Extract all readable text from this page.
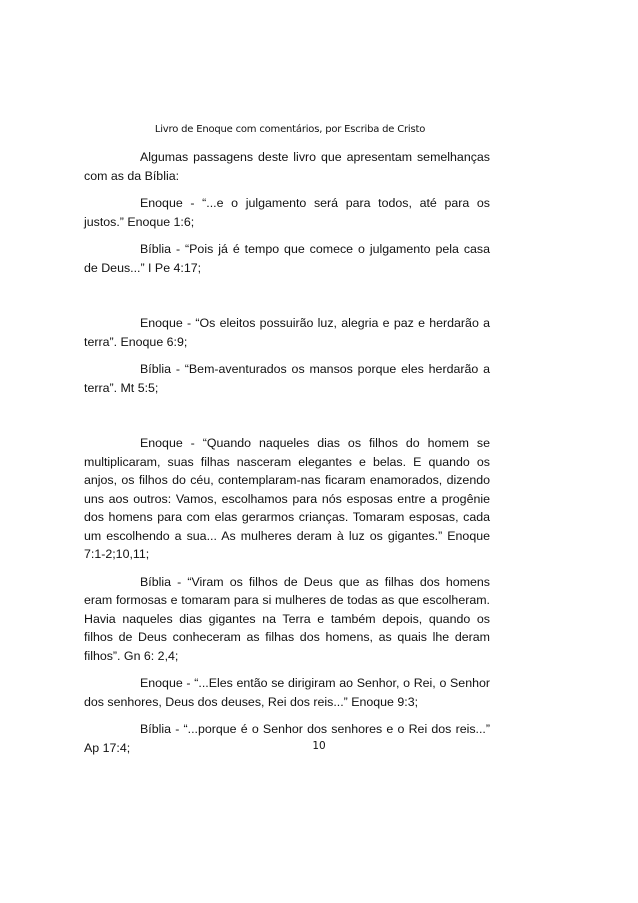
Livro de Enoque com comentários, por Escriba de Cristo

Algumas passagens deste livro que apresentam semelhanças com as da Bíblia:

Enoque - “...e o julgamento será para todos, até para os justos.” Enoque 1:6;

Bíblia - “Pois já é tempo que comece o julgamento pela casa de Deus...” I Pe 4:17;

Enoque - “Os eleitos possuirão luz, alegria e paz e herdarão a terra”. Enoque 6:9;

Bíblia - “Bem-aventurados os mansos porque eles herdarão a terra”. Mt 5:5;

Enoque - “Quando naqueles dias os filhos do homem se multiplicaram, suas filhas nasceram elegantes e belas. E quando os anjos, os filhos do céu, contemplaram-nas ficaram enamorados, dizendo uns aos outros: Vamos, escolhamos para nós esposas entre a progênie dos homens para com elas gerarmos crianças. Tomaram esposas, cada um escolhendo a sua... As mulheres deram à luz os gigantes.” Enoque 7:1-2;10,11;

Bíblia - “Viram os filhos de Deus que as filhas dos homens eram formosas e tomaram para si mulheres de todas as que escolheram. Havia naqueles dias gigantes na Terra e também depois, quando os filhos de Deus conheceram as filhas dos homens, as quais lhe deram filhos”. Gn 6: 2,4;

Enoque - “...Eles então se dirigiram ao Senhor, o Rei, o Senhor dos senhores, Deus dos deuses, Rei dos reis...” Enoque 9:3;

Bíblia - “...porque é o Senhor dos senhores e o Rei dos reis...” Ap 17:4;	10
